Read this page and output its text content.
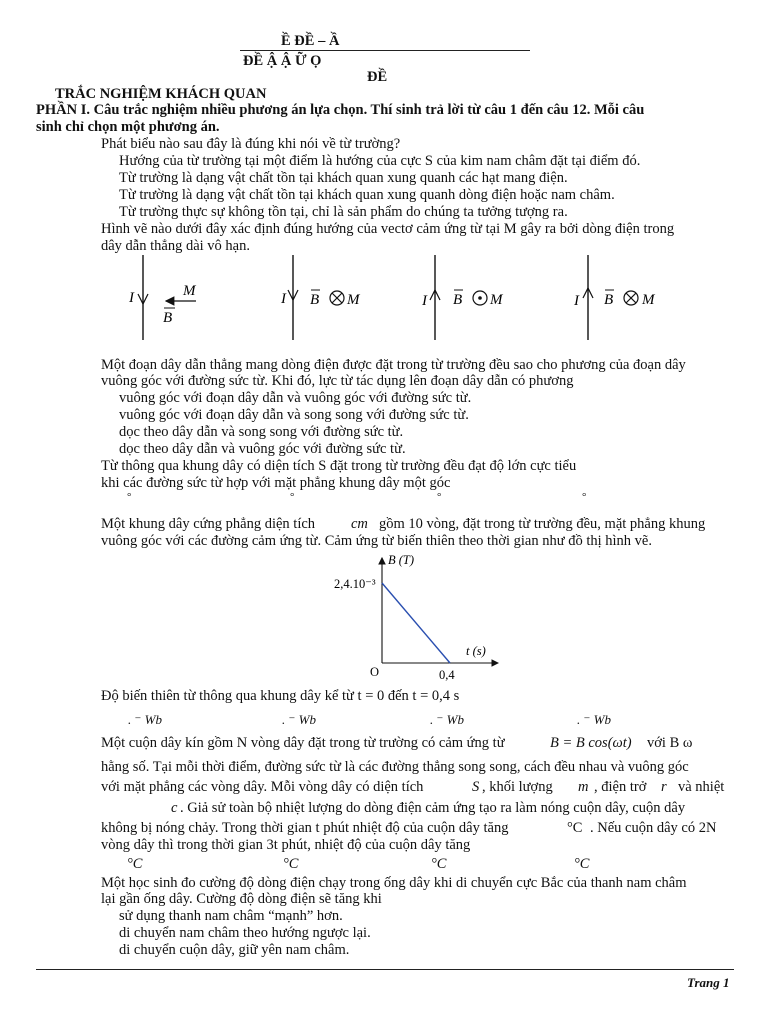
Ề ĐỀ – Ầ
ĐỀ Ậ Ậ Ữ Ọ
ĐỀ
TRẮC NGHIỆM KHÁCH QUAN
PHẦN I. Câu trắc nghiệm nhiều phương án lựa chọn. Thí sinh trả lời từ câu 1 đến câu 12. Mỗi câu
sinh chỉ chọn một phương án.
Phát biểu nào sau đây là đúng khi nói về từ trường?
Hướng của từ trường tại một điểm là hướng của cực S của kim nam châm đặt tại điểm đó.
Từ trường là dạng vật chất tồn tại khách quan xung quanh các hạt mang điện.
Từ trường là dạng vật chất tồn tại khách quan xung quanh dòng điện hoặc nam châm.
Từ trường thực sự không tồn tại, chỉ là sản phẩm do chúng ta tưởng tượng ra.
Hình vẽ nào dưới đây xác định đúng hướng của vectơ cảm ứng từ tại M gây ra bởi dòng điện trong
dây dẫn thẳng dài vô hạn.
I	M
B
I B M	I B M	I B M
Một đoạn dây dẫn thẳng mang dòng điện được đặt trong từ trường đều sao cho phương của đoạn dây
vuông góc với đường sức từ. Khi đó, lực từ tác dụng lên đoạn dây dẫn có phương
vuông góc với đoạn dây dẫn và vuông góc với đường sức từ.
vuông góc với đoạn dây dẫn và song song với đường sức từ.
dọc theo dây dẫn và song song với đường sức từ.
dọc theo dây dẫn và vuông góc với đường sức từ.
Từ thông qua khung dây có diện tích S đặt trong từ trường đều đạt độ lớn cực tiểu
khi các đường sức từ hợp với mặt phẳng khung dây một góc
°	°	°	°
Một khung dây cứng phẳng diện tích cm gồm 10 vòng, đặt trong từ trường đều, mặt phẳng khung
vuông góc với các đường cảm ứng từ. Cảm ứng từ biến thiên theo thời gian như đồ thị hình vẽ.
B (T)
t (s)
O
2,4.10⁻³
0,4
Độ biến thiên từ thông qua khung dây kể từ t = 0 đến t = 0,4 s
. ⁻ Wb	. ⁻ Wb	. ⁻ Wb	. ⁻ Wb
Một cuộn dây kín gồm N vòng dây đặt trong từ trường có cảm ứng từ	B = B cos(ωt) với B ω
hằng số. Tại mỗi thời điểm, đường sức từ là các đường thẳng song song, cách đều nhau và vuông góc
với mặt phẳng các vòng dây. Mỗi vòng dây có diện tích	S , khối lượng m , điện trở r và nhiệt
c . Giả sử toàn bộ nhiệt lượng do dòng điện cảm ứng tạo ra làm nóng cuộn dây, cuộn dây
không bị nóng chảy. Trong thời gian t phút nhiệt độ của cuộn dây tăng	°C . Nếu cuộn dây có 2N
vòng dây thì trong thời gian 3t phút, nhiệt độ của cuộn dây tăng
°C	°C	°C	°C
Một học sinh đo cường độ dòng điện chạy trong ống dây khi di chuyển cực Bắc của thanh nam châm
lại gần ống dây. Cường độ dòng điện sẽ tăng khi
sử dụng thanh nam châm “mạnh” hơn.
di chuyển nam châm theo hướng ngược lại.
di chuyển cuộn dây, giữ yên nam châm.
Trang 1
